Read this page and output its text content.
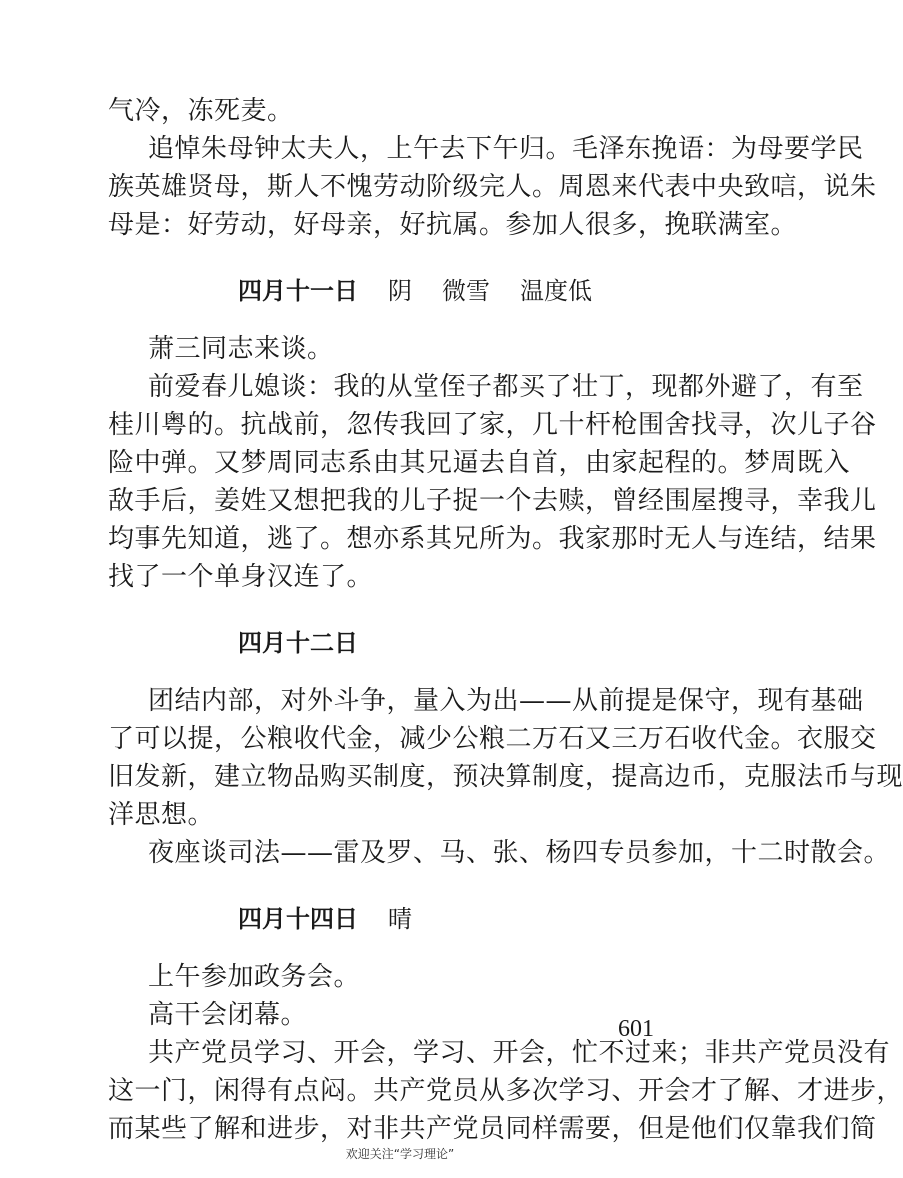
气冷，冻死麦。
追悼朱母钟太夫人，上午去下午归。毛泽东挽语：为母要学民
族英雄贤母，斯人不愧劳动阶级完人。周恩来代表中央致唁，说朱
母是：好劳动，好母亲，好抗属。参加人很多，挽联满室。
四月十一日 阴 微雪 温度低
萧三同志来谈。
前爱春儿媳谈：我的从堂侄子都买了壮丁，现都外避了，有至
桂川粤的。抗战前，忽传我回了家，几十杆枪围舍找寻，次儿子谷
险中弹。又梦周同志系由其兄逼去自首，由家起程的。梦周既入
敌手后，姜姓又想把我的儿子捉一个去赎，曾经围屋搜寻，幸我儿
均事先知道，逃了。想亦系其兄所为。我家那时无人与连结，结果
找了一个单身汉连了。
四月十二日
团结内部，对外斗争，量入为出——从前提是保守，现有基础
了可以提，公粮收代金，减少公粮二万石又三万石收代金。衣服交
旧发新，建立物品购买制度，预决算制度，提高边币，克服法币与现
洋思想。
夜座谈司法——雷及罗、马、张、杨四专员参加，十二时散会。
四月十四日 晴
上午参加政务会。
高干会闭幕。
共产党员学习、开会，学习、开会，忙不过来；非共产党员没有
这一门，闲得有点闷。共产党员从多次学习、开会才了解、才进步，
而某些了解和进步，对非共产党员同样需要，但是他们仅靠我们简
601
欢迎关注“学习理论”
